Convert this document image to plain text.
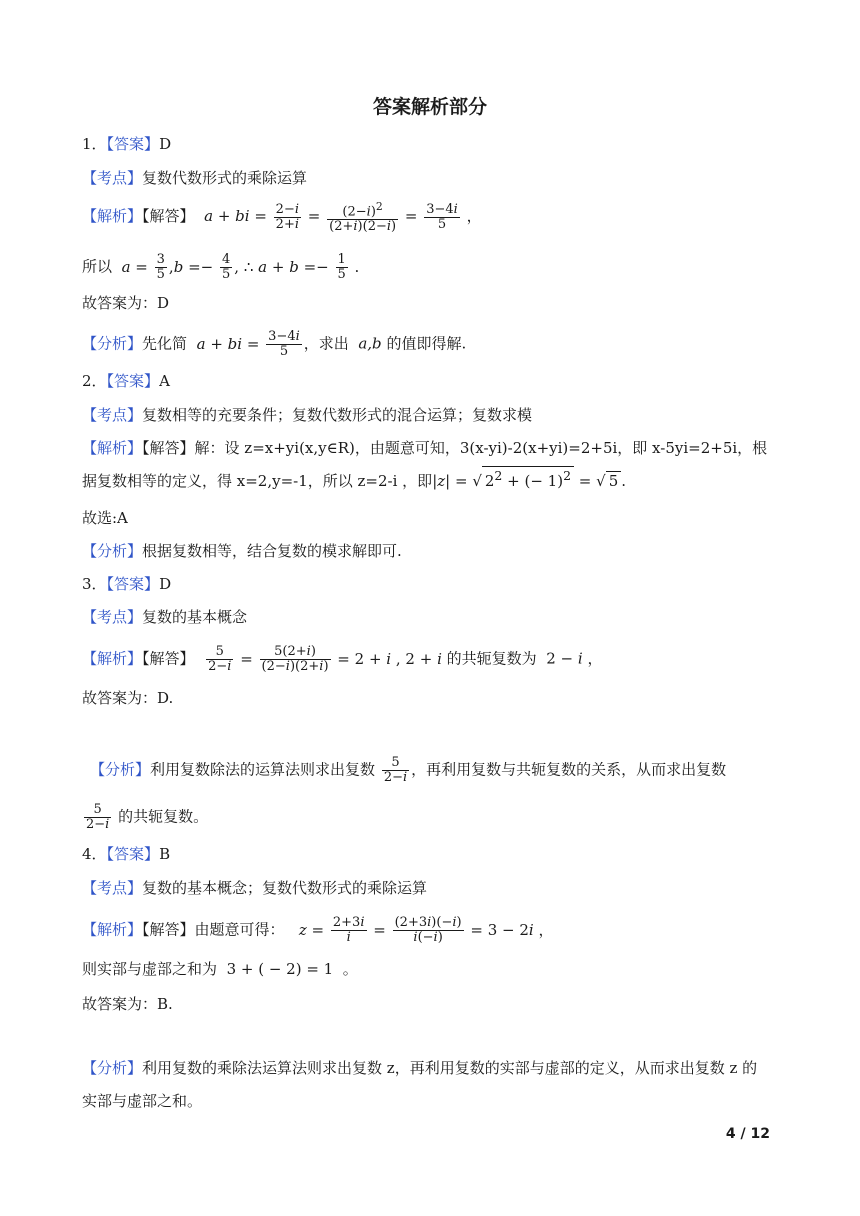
答案解析部分
1．【答案】D
【考点】复数代数形式的乘除运算
【解析】【解答】 a + bi = $\frac{2-i}{2+i} = \frac{(2-i)^2}{(2+i)(2-i)} = \frac{3-4i}{5}$ ，
所以 $a = \frac{3}{5} ,b =- \frac{4}{5}$ , ∴ $a + b =- \frac{1}{5}$ .
故答案为：D
【分析】先化简 a + bi = $\frac{3-4i}{5}$ ，求出  a,b 的值即得解.
2．【答案】A
【考点】复数相等的充要条件；复数代数形式的混合运算；复数求模
【解析】【解答】解：设 z=x+yi(x,y∈R)，由题意可知，3(x-yi)-2(x+yi)=2+5i，即 x-5yi=2+5i，根据复数相等的定义，得 x=2,y=-1，所以 z=2-i ，即|z| = √ $2^2$ + (− 1)$^2$ = √ 5 .
故选:A
【分析】根据复数相等，结合复数的模求解即可.
3．【答案】D
【考点】复数的基本概念
【解析】【解答】 $\frac{5}{2-i} = \frac{5(2+i)}{(2-i)(2+i)} = 2 + i$ , 2 + i 的共轭复数为  2 − i ，
故答案为：D.
【分析】利用复数除法的运算法则求出复数 $\frac{5}{2-i}$ ，再利用复数与共轭复数的关系，从而求出复数
$\frac{5}{2-i}$ 的共轭复数。
4．【答案】B
【考点】复数的基本概念；复数代数形式的乘除运算
【解析】【解答】由题意可得： $z = \frac{2+3i}{i} = \frac{(2+3i)(-i)}{i(-i)} = 3 - 2i$ ，
则实部与虚部之和为  3 + ( − 2) = 1  。
故答案为：B.
【分析】利用复数的乘除法运算法则求出复数 z，再利用复数的实部与虚部的定义，从而求出复数 z 的实部与虚部之和。
4 / 12
